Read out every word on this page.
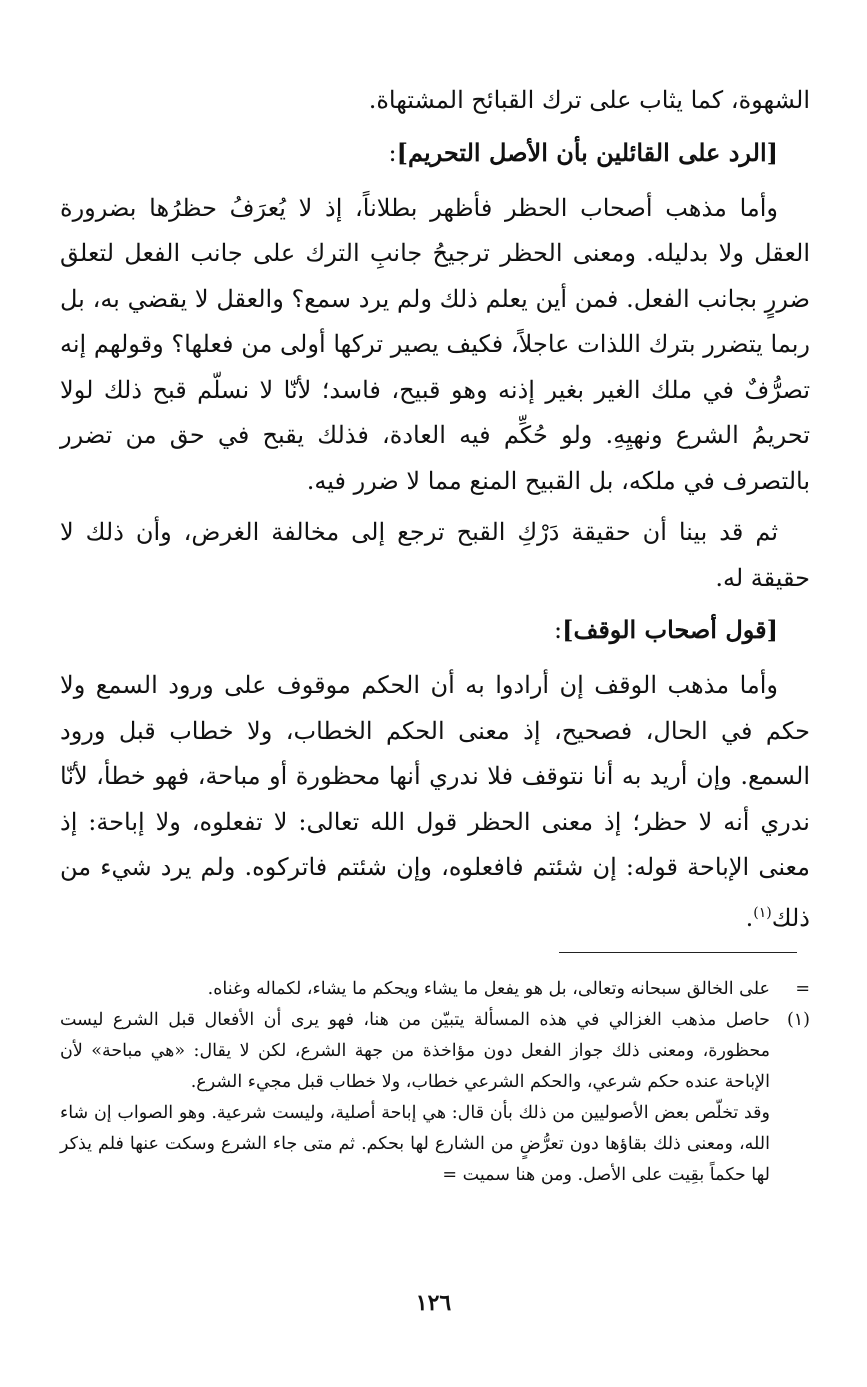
الشهوة، كما يثاب على ترك القبائح المشتهاة.

[الرد على القائلين بأن الأصل التحريم]:

وأما مذهب أصحاب الحظر فأظهر بطلاناً، إذ لا يُعرَفُ حظرُها بضرورة العقل ولا بدليله. ومعنى الحظر ترجيحُ جانبِ الترك على جانب الفعل لتعلق ضررٍ بجانب الفعل. فمن أين يعلم ذلك ولم يرد سمع؟ والعقل لا يقضي به، بل ربما يتضرر بترك اللذات عاجلاً، فكيف يصير تركها أولى من فعلها؟ وقولهم إنه تصرُّفٌ في ملك الغير بغير إذنه وهو قبيح، فاسد؛ لأنّا لا نسلّم قبح ذلك لولا تحريمُ الشرع ونهيِهِ. ولو حُكِّم فيه العادة، فذلك يقبح في حق من تضرر بالتصرف في ملكه، بل القبيح المنع مما لا ضرر فيه.

ثم قد بينا أن حقيقة دَرْكِ القبح ترجع إلى مخالفة الغرض، وأن ذلك لا حقيقة له.

[قول أصحاب الوقف]:

وأما مذهب الوقف إن أرادوا به أن الحكم موقوف على ورود السمع ولا حكم في الحال، فصحيح، إذ معنى الحكم الخطاب، ولا خطاب قبل ورود السمع. وإن أريد به أنا نتوقف فلا ندري أنها محظورة أو مباحة، فهو خطأ، لأنّا ندري أنه لا حظر؛ إذ معنى الحظر قول الله تعالى: لا تفعلوه، ولا إباحة: إذ معنى الإباحة قوله: إن شئتم فافعلوه، وإن شئتم فاتركوه. ولم يرد شيء من ذلك$^{(١)}$.

=
على الخالق سبحانه وتعالى، بل هو يفعل ما يشاء ويحكم ما يشاء، لكماله وغناه.

(١)
حاصل مذهب الغزالي في هذه المسألة يتبيّن من هنا، فهو يرى أن الأفعال قبل الشرع ليست محظورة، ومعنى ذلك جواز الفعل دون مؤاخذة من جهة الشرع، لكن لا يقال: «هي مباحة» لأن الإباحة عنده حكم شرعي، والحكم الشرعي خطاب، ولا خطاب قبل مجيء الشرع.

وقد تخلّص بعض الأصوليين من ذلك بأن قال: هي إباحة أصلية، وليست شرعية. وهو الصواب إن شاء الله، ومعنى ذلك بقاؤها دون تعرُّضٍ من الشارع لها بحكم. ثم متى جاء الشرع وسكت عنها فلم يذكر لها حكماً بقِيت على الأصل. ومن هنا سميت =

١٢٦
